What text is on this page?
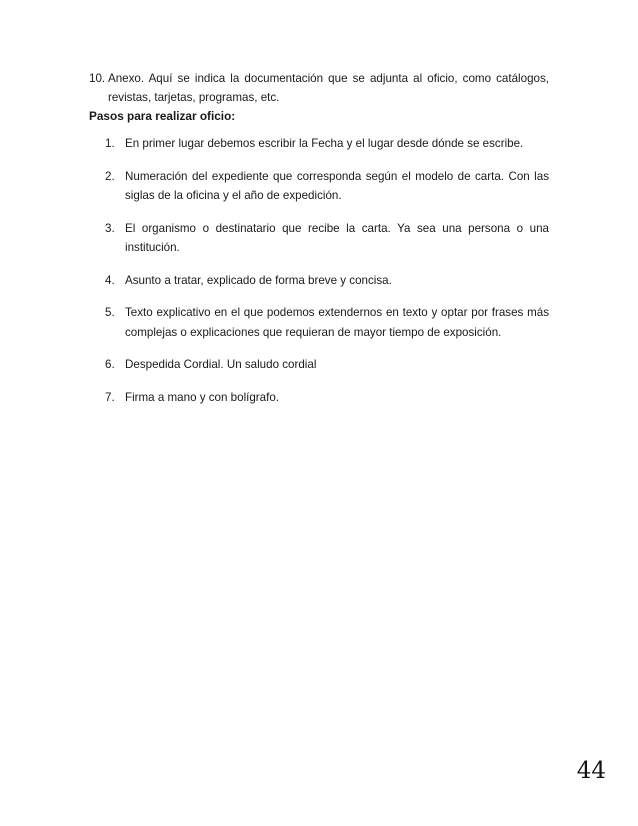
10. Anexo. Aquí se indica la documentación que se adjunta al oficio, como catálogos, revistas, tarjetas, programas, etc.
Pasos para realizar oficio:
1. En primer lugar debemos escribir la Fecha y el lugar desde dónde se escribe.
2. Numeración del expediente que corresponda según el modelo de carta. Con las siglas de la oficina y el año de expedición.
3. El organismo o destinatario que recibe la carta. Ya sea una persona o una institución.
4. Asunto a tratar, explicado de forma breve y concisa.
5. Texto explicativo en el que podemos extendernos en texto y optar por frases más complejas o explicaciones que requieran de mayor tiempo de exposición.
6. Despedida Cordial. Un saludo cordial
7. Firma a mano y con bolígrafo.
44
